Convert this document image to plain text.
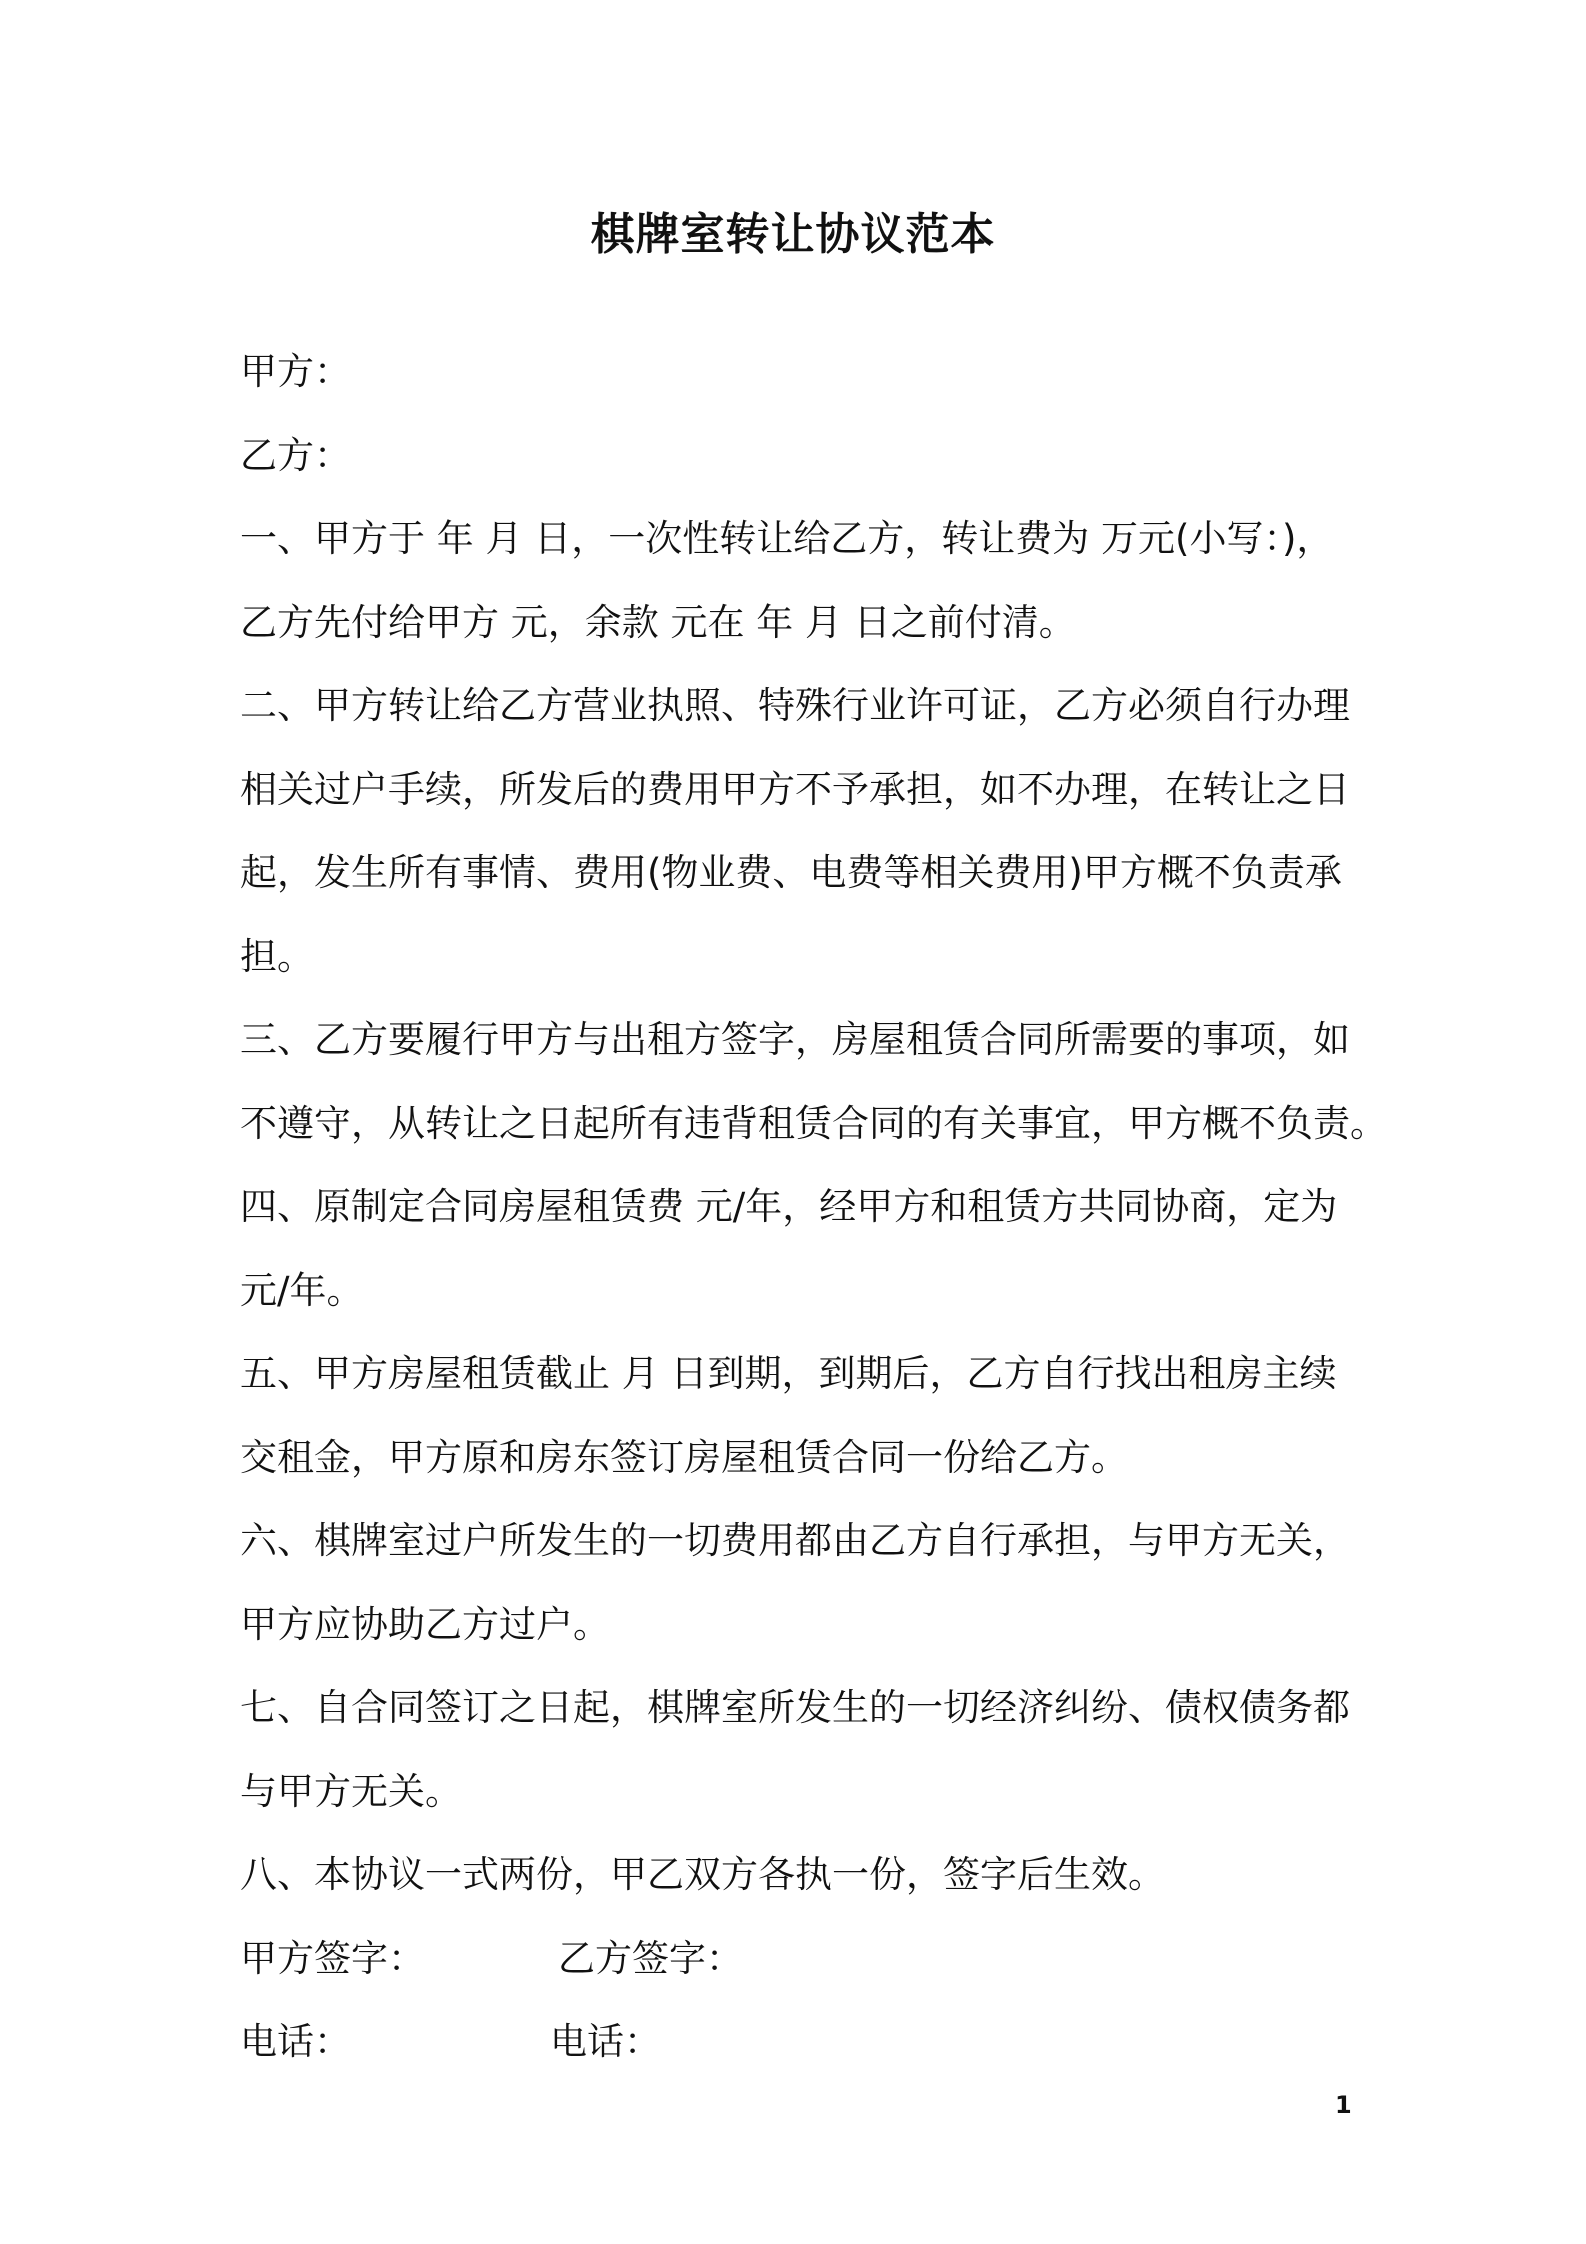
棋牌室转让协议范本
甲方：
乙方：
一、甲方于 年 月 日，一次性转让给乙方，转让费为 万元(小写：)，
乙方先付给甲方 元，余款 元在 年 月 日之前付清。
二、甲方转让给乙方营业执照、特殊行业许可证，乙方必须自行办理
相关过户手续，所发后的费用甲方不予承担，如不办理，在转让之日
起，发生所有事情、费用(物业费、电费等相关费用)甲方概不负责承
担。
三、乙方要履行甲方与出租方签字，房屋租赁合同所需要的事项，如
不遵守，从转让之日起所有违背租赁合同的有关事宜，甲方概不负责。
四、原制定合同房屋租赁费 元/年，经甲方和租赁方共同协商，定为
元/年。
五、甲方房屋租赁截止 月 日到期，到期后，乙方自行找出租房主续
交租金，甲方原和房东签订房屋租赁合同一份给乙方。
六、棋牌室过户所发生的一切费用都由乙方自行承担，与甲方无关，
甲方应协助乙方过户。
七、自合同签订之日起，棋牌室所发生的一切经济纠纷、债权债务都
与甲方无关。
八、本协议一式两份，甲乙双方各执一份，签字后生效。
甲方签字：	乙方签字：
电话：	电话：
1
